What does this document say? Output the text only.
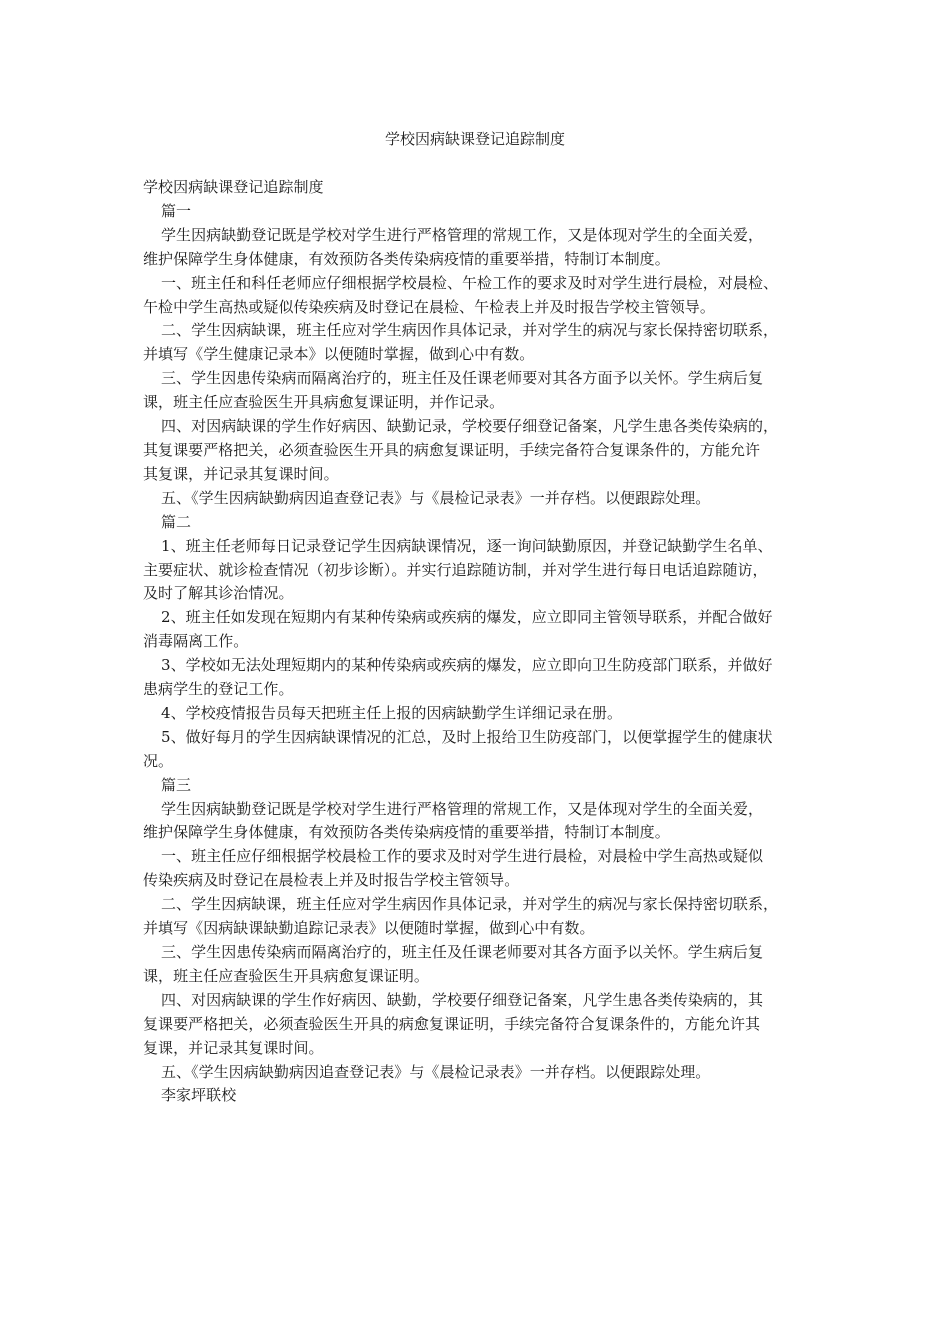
学校因病缺课登记追踪制度
学校因病缺课登记追踪制度
篇一
学生因病缺勤登记既是学校对学生进行严格管理的常规工作，又是体现对学生的全面关爱，
维护保障学生身体健康，有效预防各类传染病疫情的重要举措，特制订本制度。
一、班主任和科任老师应仔细根据学校晨检、午检工作的要求及时对学生进行晨检，对晨检、
午检中学生高热或疑似传染疾病及时登记在晨检、午检表上并及时报告学校主管领导。
二、学生因病缺课，班主任应对学生病因作具体记录，并对学生的病况与家长保持密切联系，
并填写《学生健康记录本》以便随时掌握，做到心中有数。
三、学生因患传染病而隔离治疗的，班主任及任课老师要对其各方面予以关怀。学生病后复
课，班主任应查验医生开具病愈复课证明，并作记录。
四、对因病缺课的学生作好病因、缺勤记录，学校要仔细登记备案，凡学生患各类传染病的，
其复课要严格把关，必须查验医生开具的病愈复课证明，手续完备符合复课条件的，方能允许
其复课，并记录其复课时间。
五、《学生因病缺勤病因追查登记表》与《晨检记录表》一并存档。以便跟踪处理。
篇二
1、班主任老师每日记录登记学生因病缺课情况，逐一询问缺勤原因，并登记缺勤学生名单、
主要症状、就诊检查情况（初步诊断）。并实行追踪随访制，并对学生进行每日电话追踪随访，
及时了解其诊治情况。
2、班主任如发现在短期内有某种传染病或疾病的爆发，应立即同主管领导联系，并配合做好
消毒隔离工作。
3、学校如无法处理短期内的某种传染病或疾病的爆发，应立即向卫生防疫部门联系，并做好
患病学生的登记工作。
4、学校疫情报告员每天把班主任上报的因病缺勤学生详细记录在册。
5、做好每月的学生因病缺课情况的汇总，及时上报给卫生防疫部门，以便掌握学生的健康状
况。
篇三
学生因病缺勤登记既是学校对学生进行严格管理的常规工作，又是体现对学生的全面关爱，
维护保障学生身体健康，有效预防各类传染病疫情的重要举措，特制订本制度。
一、班主任应仔细根据学校晨检工作的要求及时对学生进行晨检，对晨检中学生高热或疑似
传染疾病及时登记在晨检表上并及时报告学校主管领导。
二、学生因病缺课，班主任应对学生病因作具体记录，并对学生的病况与家长保持密切联系，
并填写《因病缺课缺勤追踪记录表》以便随时掌握，做到心中有数。
三、学生因患传染病而隔离治疗的，班主任及任课老师要对其各方面予以关怀。学生病后复
课，班主任应查验医生开具病愈复课证明。
四、对因病缺课的学生作好病因、缺勤，学校要仔细登记备案，凡学生患各类传染病的，其
复课要严格把关，必须查验医生开具的病愈复课证明，手续完备符合复课条件的，方能允许其
复课，并记录其复课时间。
五、《学生因病缺勤病因追查登记表》与《晨检记录表》一并存档。以便跟踪处理。
李家坪联校
